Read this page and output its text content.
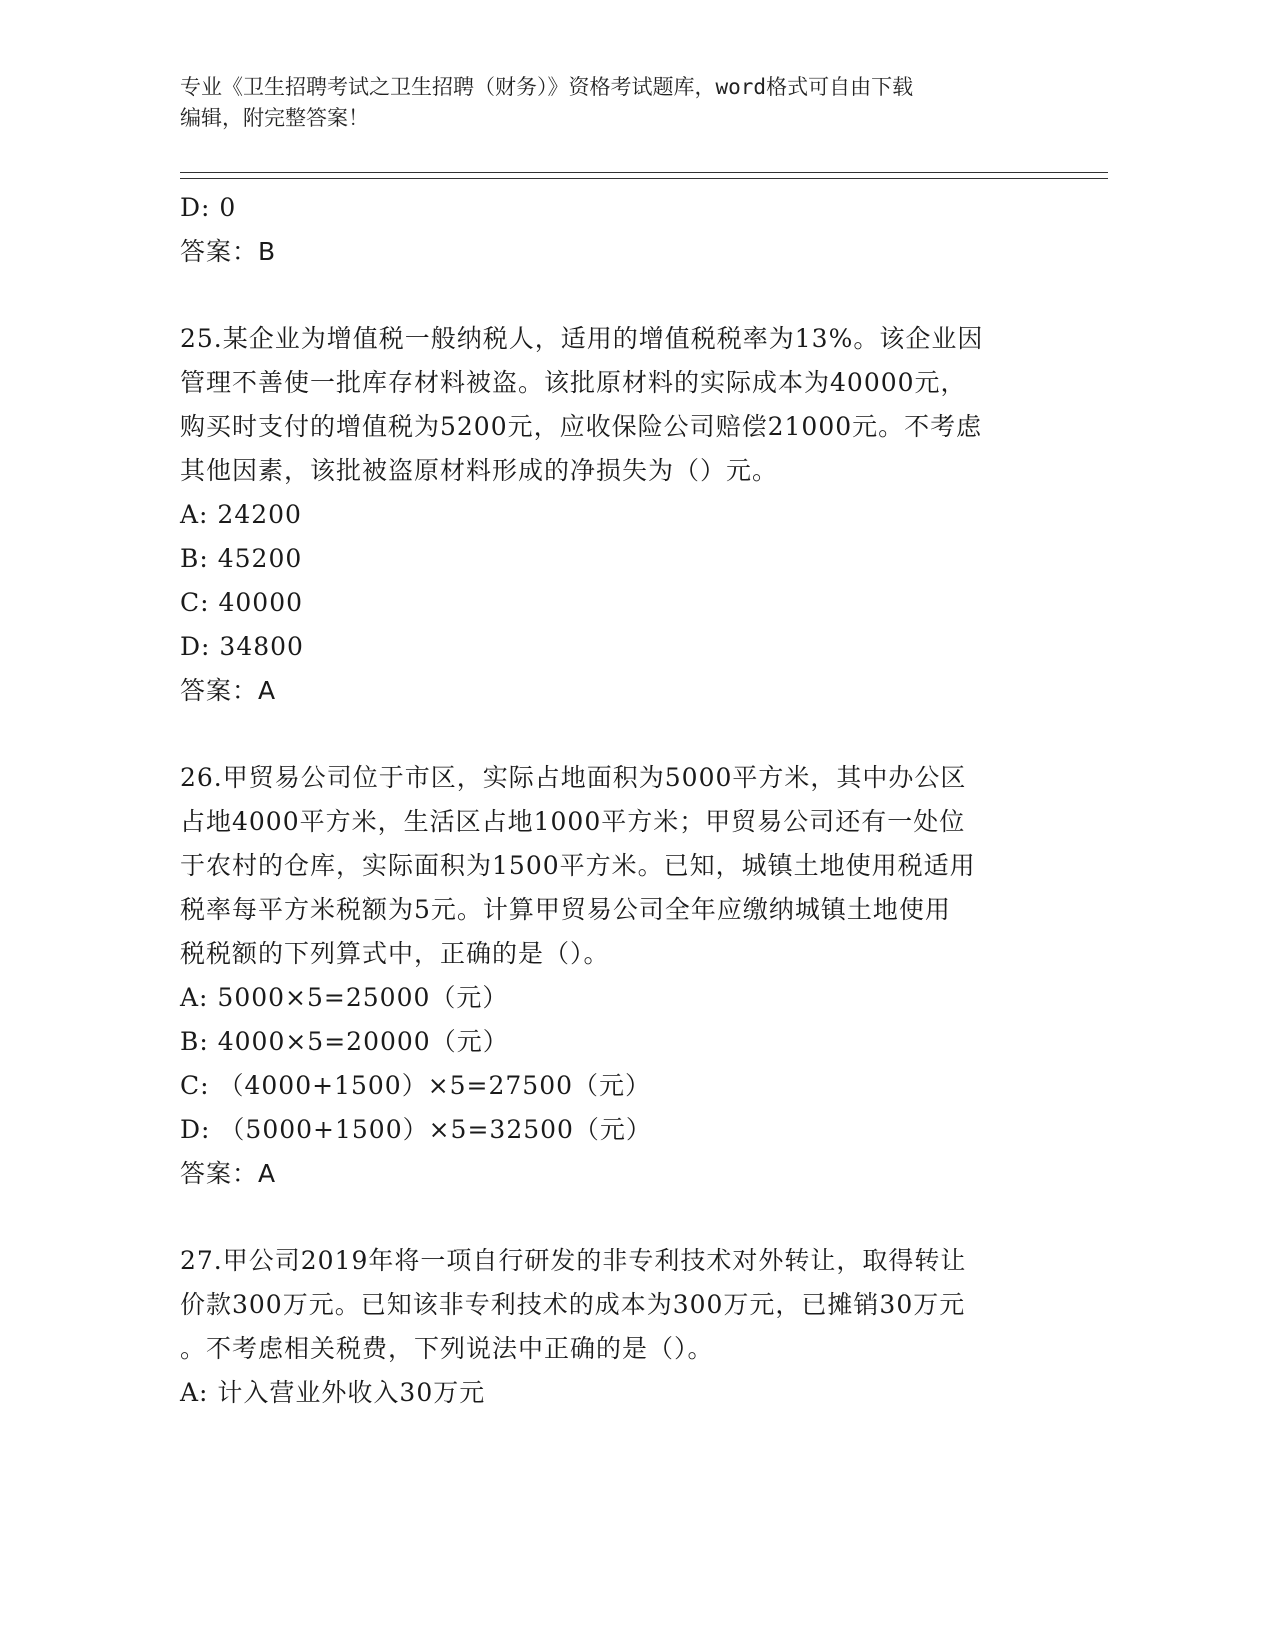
专业《卫生招聘考试之卫生招聘（财务）》资格考试题库，word格式可自由下载
编辑，附完整答案！
D: 0
答案：B
25.某企业为增值税一般纳税人，适用的增值税税率为13%。该企业因
管理不善使一批库存材料被盗。该批原材料的实际成本为40000元，
购买时支付的增值税为5200元，应收保险公司赔偿21000元。不考虑
其他因素，该批被盗原材料形成的净损失为（）元。
A: 24200
B: 45200
C: 40000
D: 34800
答案：A
26.甲贸易公司位于市区，实际占地面积为5000平方米，其中办公区
占地4000平方米，生活区占地1000平方米；甲贸易公司还有一处位
于农村的仓库，实际面积为1500平方米。已知，城镇土地使用税适用
税率每平方米税额为5元。计算甲贸易公司全年应缴纳城镇土地使用
税税额的下列算式中，正确的是（）。
A: 5000×5=25000（元）
B: 4000×5=20000（元）
C: （4000+1500）×5=27500（元）
D: （5000+1500）×5=32500（元）
答案：A
27.甲公司2019年将一项自行研发的非专利技术对外转让，取得转让
价款300万元。已知该非专利技术的成本为300万元，已摊销30万元
。不考虑相关税费，下列说法中正确的是（）。
A: 计入营业外收入30万元
